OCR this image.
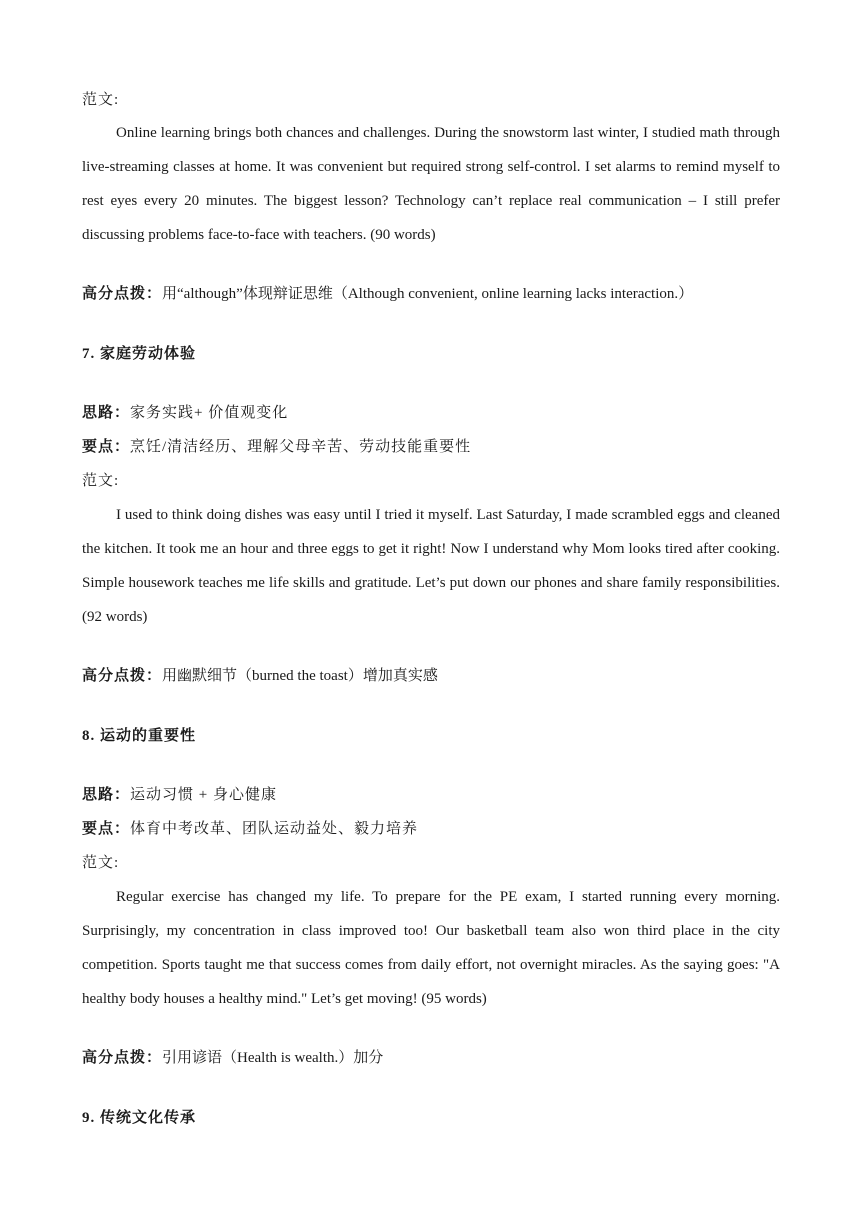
范文:
Online learning brings both chances and challenges. During the snowstorm last winter, I studied math through live-streaming classes at home. It was convenient but required strong self-control. I set alarms to remind myself to rest eyes every 20 minutes. The biggest lesson? Technology can’t replace real communication – I still prefer discussing problems face-to-face with teachers. (90 words)
高分点拨：用“although”体现辩证思维（Although convenient, online learning lacks interaction.）
7. 家庭劳动体验
思路：家务实践+ 价值观变化
要点：烹饪/清洁经历、理解父母辛苦、劳动技能重要性
范文:
I used to think doing dishes was easy until I tried it myself. Last Saturday, I made scrambled eggs and cleaned the kitchen. It took me an hour and three eggs to get it right! Now I understand why Mom looks tired after cooking. Simple housework teaches me life skills and gratitude. Let’s put down our phones and share family responsibilities. (92 words)
高分点拨：用幽默细节（burned the toast）增加真实感
8. 运动的重要性
思路：运动习惯 + 身心健康
要点：体育中考改革、团队运动益处、毅力培养
范文:
Regular exercise has changed my life. To prepare for the PE exam, I started running every morning. Surprisingly, my concentration in class improved too! Our basketball team also won third place in the city competition. Sports taught me that success comes from daily effort, not overnight miracles. As the saying goes: "A healthy body houses a healthy mind." Let’s get moving! (95 words)
高分点拨：引用谚语（Health is wealth.）加分
9. 传统文化传承
